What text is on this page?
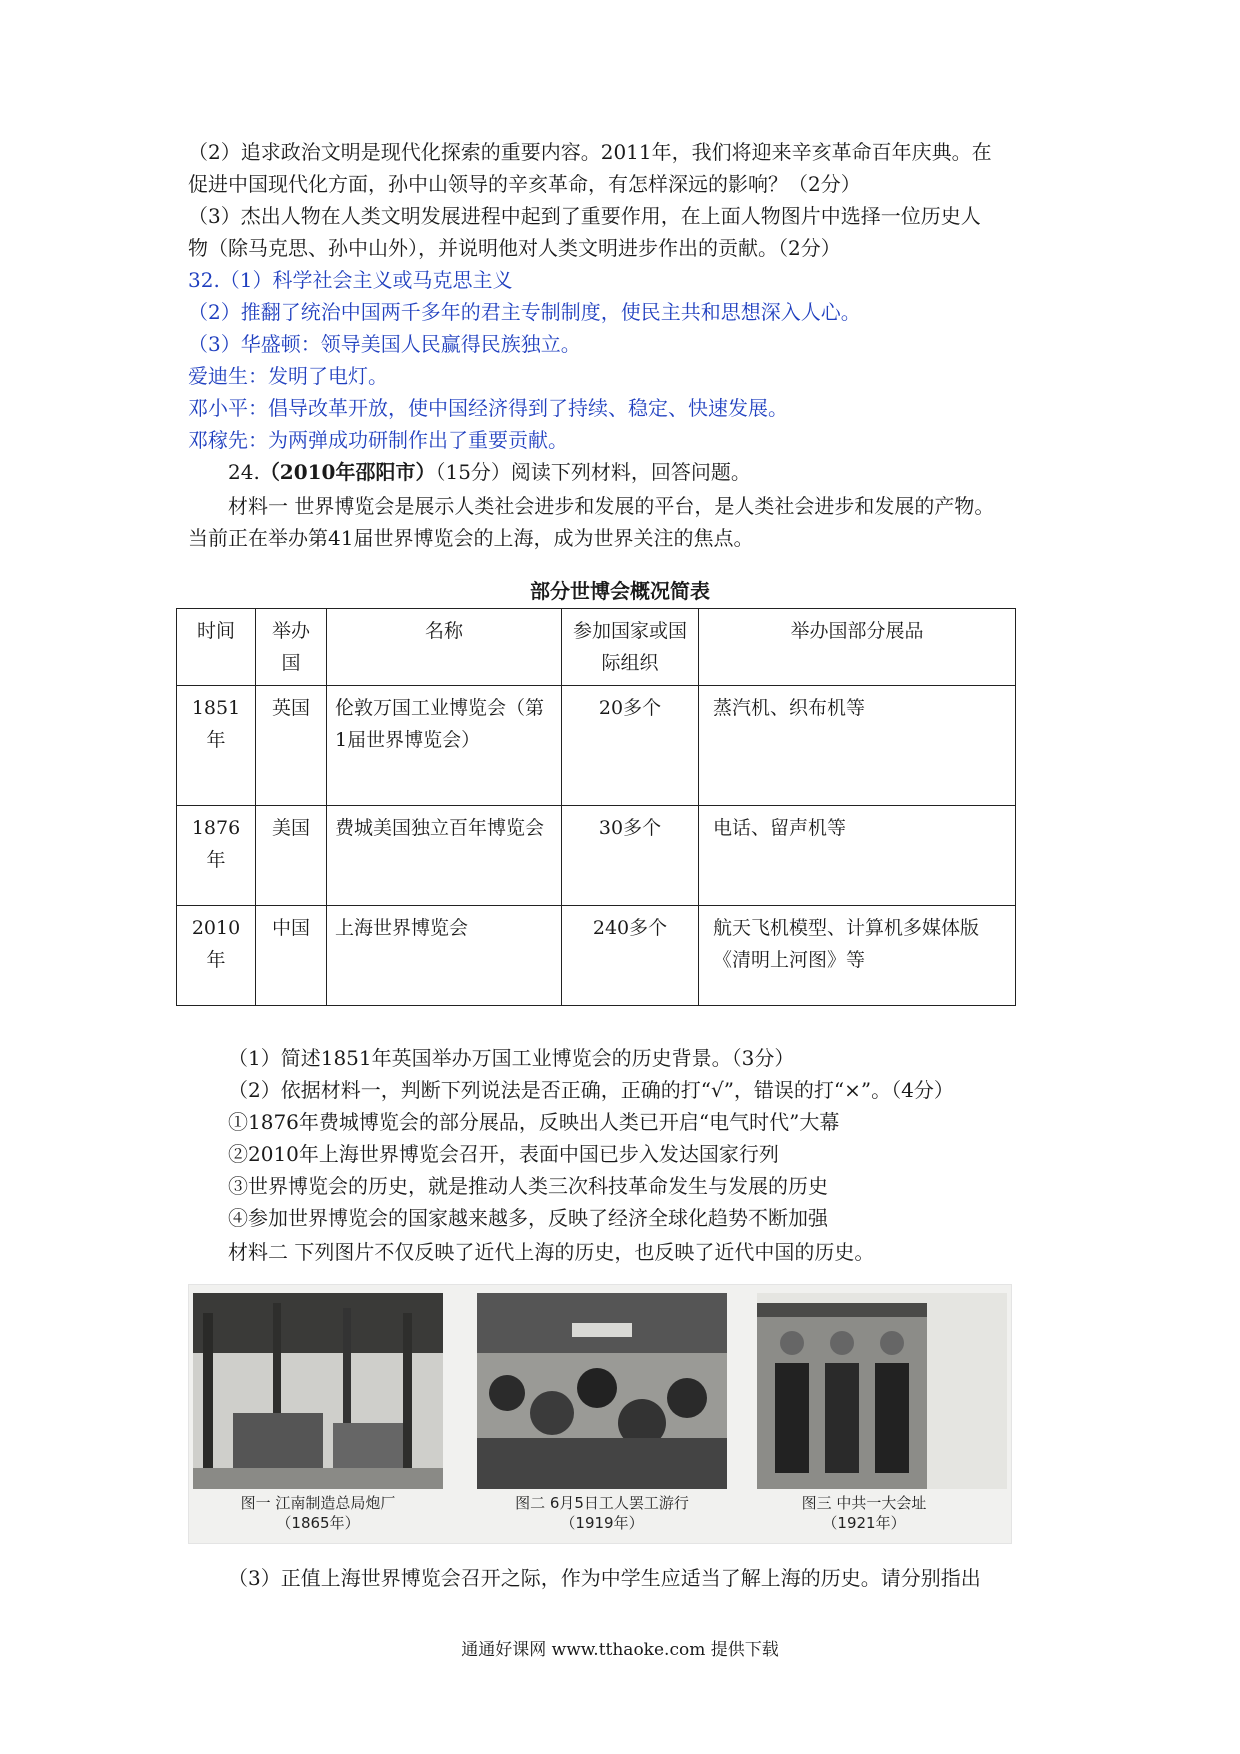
（2）追求政治文明是现代化探索的重要内容。2011年，我们将迎来辛亥革命百年庆典。在
促进中国现代化方面，孙中山领导的辛亥革命，有怎样深远的影响？（2分）
（3）杰出人物在人类文明发展进程中起到了重要作用，在上面人物图片中选择一位历史人
物（除马克思、孙中山外），并说明他对人类文明进步作出的贡献。（2分）
32.（1）科学社会主义或马克思主义
（2）推翻了统治中国两千多年的君主专制制度，使民主共和思想深入人心。
（3）华盛顿：领导美国人民赢得民族独立。
爱迪生：发明了电灯。
邓小平：倡导改革开放，使中国经济得到了持续、稳定、快速发展。
邓稼先：为两弹成功研制作出了重要贡献。
24.（2010年邵阳市）（15分）阅读下列材料，回答问题。
材料一 世界博览会是展示人类社会进步和发展的平台，是人类社会进步和发展的产物。
当前正在举办第41届世界博览会的上海，成为世界关注的焦点。
部分世博会概况简表
时间	举办国	名称	参加国家或国际组织	举办国部分展品
1851年	英国	伦敦万国工业博览会（第1届世界博览会）	20多个	蒸汽机、织布机等
1876年	美国	费城美国独立百年博览会	30多个	电话、留声机等
2010年	中国	上海世界博览会	240多个	航天飞机模型、计算机多媒体版《清明上河图》等
（1）简述1851年英国举办万国工业博览会的历史背景。（3分）
（2）依据材料一，判断下列说法是否正确，正确的打“√”，错误的打“×”。（4分）
①1876年费城博览会的部分展品，反映出人类已开启“电气时代”大幕
②2010年上海世界博览会召开，表面中国已步入发达国家行列
③世界博览会的历史，就是推动人类三次科技革命发生与发展的历史
④参加世界博览会的国家越来越多，反映了经济全球化趋势不断加强
材料二 下列图片不仅反映了近代上海的历史，也反映了近代中国的历史。
图一 江南制造总局炮厂
（1865年）
图二 6月5日工人罢工游行
（1919年）
图三 中共一大会址
（1921年）
（3）正值上海世界博览会召开之际，作为中学生应适当了解上海的历史。请分别指出
通通好课网 www.tthaoke.com 提供下载
